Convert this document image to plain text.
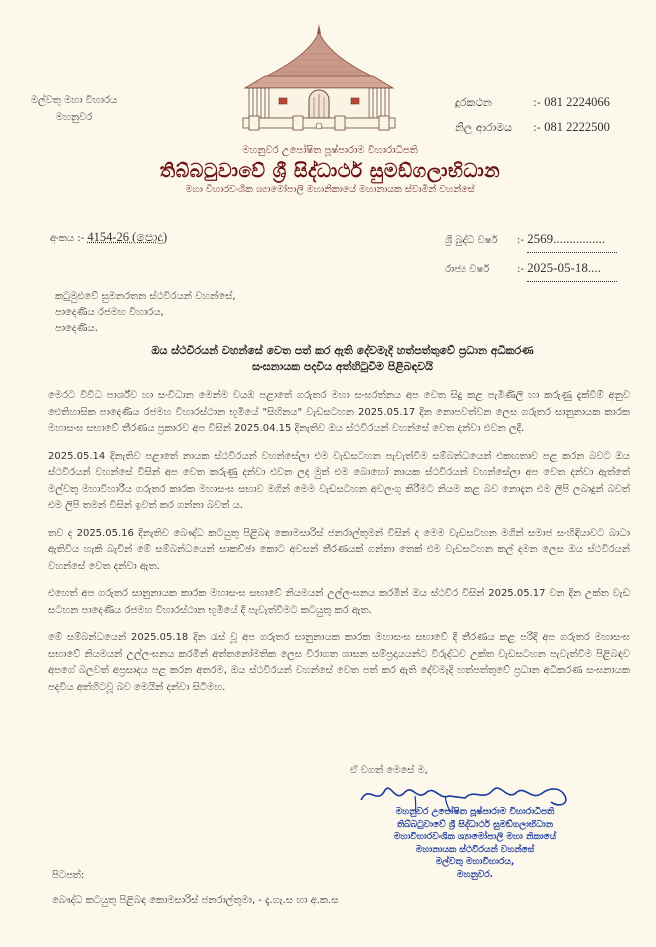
මල්වතු මහා විහාරය
මහනුවර
දූරකථන	:-
081 2224066
නිල ආරාමය	:-
081 2222500
මහනුවර උපෝෂිත පූෂ්පාරාම විහාරාධිපති
තිබ්බටුවාවේ ශ්‍රී සිද්ධාර්ථ සුමඞ්ගලාභිධාන
මහා විහාරවංශික ශ්‍යාමෝපාලි මහානිකායේ මහානායක ස්වාමීන් වහන්සේ
අංකය :- 4154-26 (පොදු)	ශ්‍රී බුද්ධ වර්ෂ	:-
2569................
රාජ්‍ය වර්ෂ	:-
2025-05-18....
කටුමුළුවේ සුමනරතන ස්ථවිරයන් වහන්සේ,
පාදෙණිය රජමහ විහාරය,
පාදෙණිය.
ඔය ස්ථවිරයන් වහන්සේ වෙත පත් කර ඇති දේවමැදි හත්පත්තුවේ ප්‍රධාන අධිකරණ
සංඝනායක පදවිය අත්හිටුවීම පිළිබඳවයි

මෙරට විවිධ පාර්ශ්ව හා සංවිධාන මෙන්ම වයඹ පළාතේ ගරුතර මහා සංඝරත්නය අප වෙත සිදු කළ පැමිණිලි හා කරුණු දැක්වීම් අනුව ඓතිහාසික පාදෙණිය රජමහ විහාරස්ථාන භූමියේ "සිහිනය" වැඩසටහන 2025.05.17 දින නොපවත්වන ලෙස ගරුතර සානුනායක කාරක මහාසංඝ සභාවේ තීරණය ප්‍රකාරව අප විසින් 2025.04.15 දිනැතිව ඔය ස්ථවිරයන් වහන්සේ වෙත දන්වා එවන ලදී.

2025.05.14 දිනැතිව පළාතේ නායක ස්ථවිරයන් වහන්සේලා එම වැඩසටහන පැවැත්වීම සම්බන්ධයෙන් එකඟතාව පළ කරන බවට ඔය ස්ථවිරයන් වහන්සේ විසින් අප වෙත කරුණු දන්වා එවන ලද මුත් එම බොහෝ නායක ස්ථවිරයන් වහන්සේලා අප වෙත දන්වා ඇත්තේ මල්වතු මහාවිහාරීය ගරුතර කාරක මහාසංඝ සභාව මගින් මෙම වැඩසටහන අවලංගු කිරීමට නියම කළ බව නොදැන එම ලිපි ලබාදුන් බවත් එම ලිපි තමන් විසින් ඉවත් කර ගන්නා බවත් ය.

තව ද 2025.05.16 දිනැතිව බෞද්ධ කටයුතු පිළිබඳ කොමසාරිස් ජනරාල්තුමන් විසින් ද මෙම වැඩසටහන මගින් සමාජ සංහිඳියාවට බාධා ඇතිවිය හැකි බැවින් මේ සම්බන්ධයෙන් සාකච්ඡා කොට අවසන් තීරණයක් ගන්නා තෙක් එම වැඩසටහන කල් දමන ලෙස ඔය ස්ථවිරයන් වහන්සේ වෙත දන්වා ඇත.

එහෙත් අප ගරුතර සානුනායක කාරක මහාසංඝ සභාවේ නියමයන් උල්ලංඝනය කරමින් ඔය ස්ථවිර විසින් 2025.05.17 වන දින උක්ත වැඩ සටහන පාදෙණිය රජමහ විහාරස්ථාන භූමියේ දී පැවැත්වීමට කටයුතු කර ඇත.

මේ සම්බන්ධයෙන් 2025.05.18 දින රැස් වූ අප ගරුතර සානුනායක කාරක මහාසංඝ සභාවේ දී තීරණය කළ පරිදි අප ගරුතර මහාසංඝ සභාවේ නියමයන් උල්ලංඝනය කරමින් අත්තනෝමතික ලෙස විරාගත ශාසන සම්ප්‍රදායයන්ට විරුද්ධව උක්ත වැඩසටහන පැවැත්වීම පිළිබඳව අපගේ බලවත් අප්‍රසාදය පළ කරන අතරම, ඔය ස්ථවිරයන් වහන්සේ වෙත පත් කර ඇති දේවමැදි හත්පත්තුවේ ප්‍රධාන අධිකරණ සංඝනායක පදවිය අත්හිටවූ බව මෙයින් දන්වා සිටිමහ.

ඒ වගත් මෙසේ ම,
මහනුවර උපෝෂිත පූෂ්පාරාම විහාරාධිපති
තිබ්බටුවාවේ ශ්‍රී සිද්ධාර්ථ සුමඞ්ගලාභිධාන
මහාවිහාරවංශික ශ්‍යාමෝපාලි මහා නිකායේ
මහානායක ස්ථවිරයන් වහන්සේ
මල්වතු මහාවිහාරය,
මහනුවර.
පිටපත්:
බෞද්ධ කටයුතු පිළිබඳ කොමසාරිස් ජනරාල්තුමා, - දැ.ගැ.ස හා අ.ක.ස
